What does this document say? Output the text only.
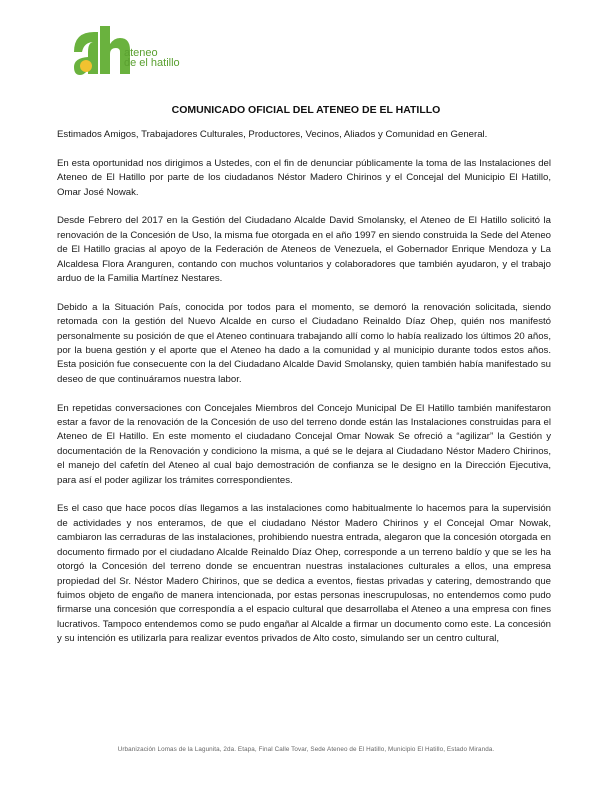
ateneo
de el hatillo
COMUNICADO OFICIAL DEL ATENEO DE EL HATILLO

Estimados Amigos, Trabajadores Culturales, Productores, Vecinos, Aliados y Comunidad en General.

En esta oportunidad nos dirigimos a Ustedes, con el fin de denunciar públicamente la toma de las Instalaciones del Ateneo de El Hatillo por parte de los ciudadanos Néstor Madero Chirinos y el Concejal del Municipio El Hatillo, Omar José Nowak.

Desde Febrero del 2017 en la Gestión del Ciudadano Alcalde David Smolansky, el Ateneo de El Hatillo solicitó la renovación de la Concesión de Uso, la misma fue otorgada en el año 1997 en siendo construida la Sede del Ateneo de El Hatillo gracias al apoyo de la Federación de Ateneos de Venezuela, el Gobernador Enrique Mendoza y La Alcaldesa Flora Aranguren, contando con muchos voluntarios y colaboradores que también ayudaron, y el trabajo arduo de la Familia Martínez Nestares.

Debido a la Situación País, conocida por todos para el momento, se demoró la renovación solicitada, siendo retomada con la gestión del Nuevo Alcalde en curso el Ciudadano Reinaldo Díaz Ohep, quién nos manifestó personalmente su posición de que el Ateneo continuara trabajando allí como lo había realizado los últimos 20 años, por la buena gestión y el aporte que el Ateneo ha dado a la comunidad y al municipio durante todos estos años. Esta posición fue consecuente con la del Ciudadano Alcalde David Smolansky, quien también había manifestado su deseo de que continuáramos nuestra labor.

En repetidas conversaciones con Concejales Miembros del Concejo Municipal De El Hatillo también manifestaron estar a favor de la renovación de la Concesión de uso del terreno donde están las Instalaciones construidas para el Ateneo de El Hatillo. En este momento el ciudadano Concejal Omar Nowak Se ofreció a “agilizar” la Gestión y documentación de la Renovación y condiciono la misma, a qué se le dejara al Ciudadano Néstor Madero Chirinos, el manejo del cafetín del Ateneo al cual bajo demostración de confianza se le designo en la Dirección Ejecutiva, para así el poder agilizar los trámites correspondientes.

Es el caso que hace pocos días llegamos a las instalaciones como habitualmente lo hacemos para la supervisión de actividades y nos enteramos, de que el ciudadano Néstor Madero Chirinos y el Concejal Omar Nowak, cambiaron las cerraduras de las instalaciones, prohibiendo nuestra entrada, alegaron que la concesión otorgada en documento firmado por el ciudadano Alcalde Reinaldo Díaz Ohep, corresponde a un terreno baldío y que se les ha otorgó la Concesión del terreno donde se encuentran nuestras instalaciones culturales a ellos, una empresa propiedad del Sr. Néstor Madero Chirinos, que se dedica a eventos, fiestas privadas y catering, demostrando que fuimos objeto de engaño de manera intencionada, por estas personas inescrupulosas, no entendemos como pudo firmarse una concesión que correspondía a el espacio cultural que desarrollaba el Ateneo a una empresa con fines lucrativos. Tampoco entendemos como se pudo engañar al Alcalde a firmar un documento como este. La concesión y su intención es utilizarla para realizar eventos privados de Alto costo, simulando ser un centro cultural,

Urbanización Lomas de la Lagunita, 2da. Etapa, Final Calle Tovar, Sede Ateneo de El Hatillo, Municipio El Hatillo, Estado Miranda.
